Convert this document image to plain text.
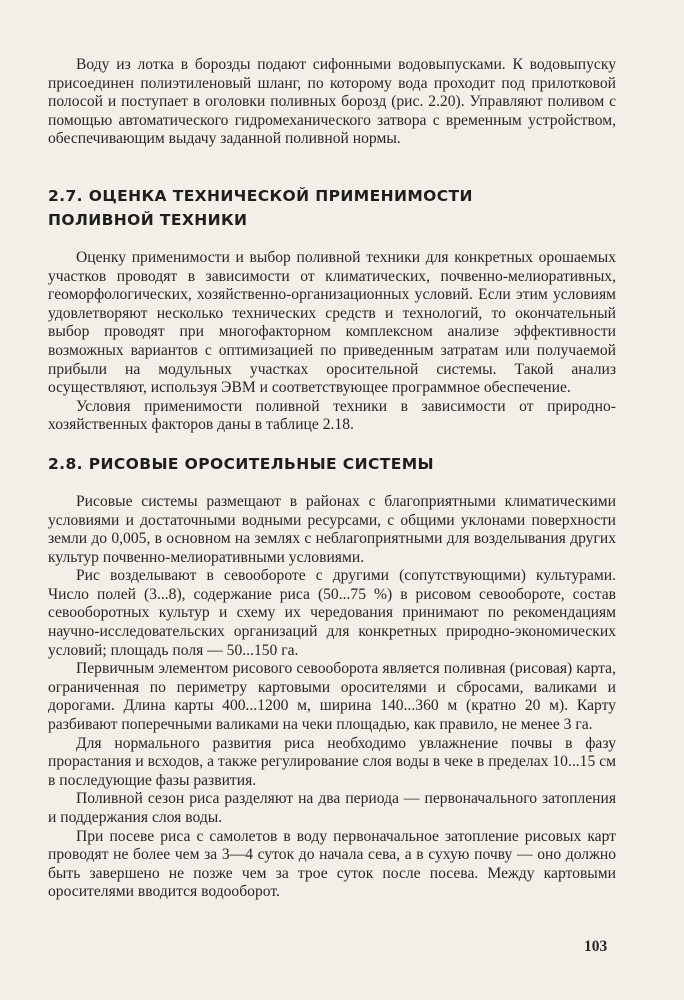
Воду из лотка в борозды подают сифонными водовыпусками. К водовыпуску присоединен полиэтиленовый шланг, по которому вода проходит под прилотковой полосой и поступает в оголовки поливных борозд (рис. 2.20). Управляют поливом с помощью автоматического гидромеханического затвора с временным устройством, обеспечивающим выдачу заданной поливной нормы.

2.7. ОЦЕНКА ТЕХНИЧЕСКОЙ ПРИМЕНИМОСТИ
ПОЛИВНОЙ ТЕХНИКИ

Оценку применимости и выбор поливной техники для конкретных орошаемых участков проводят в зависимости от климатических, почвенно-мелиоративных, геоморфологических, хозяйственно-организационных условий. Если этим условиям удовлетворяют несколько технических средств и технологий, то окончательный выбор проводят при многофакторном комплексном анализе эффективности возможных вариантов с оптимизацией по приведенным затратам или получаемой прибыли на модульных участках оросительной системы. Такой анализ осуществляют, используя ЭВМ и соответствующее программное обеспечение.

Условия применимости поливной техники в зависимости от природно-хозяйственных факторов даны в таблице 2.18.

2.8. РИСОВЫЕ ОРОСИТЕЛЬНЫЕ СИСТЕМЫ

Рисовые системы размещают в районах с благоприятными климатическими условиями и достаточными водными ресурсами, с общими уклонами поверхности земли до 0,005, в основном на землях с неблагоприятными для возделывания других культур почвенно-мелиоративными условиями.

Рис возделывают в севообороте с другими (сопутствующими) культурами. Число полей (3...8), содержание риса (50...75 %) в рисовом севообороте, состав севооборотных культур и схему их чередования принимают по рекомендациям научно-исследовательских организаций для конкретных природно-экономических условий; площадь поля — 50...150 га.

Первичным элементом рисового севооборота является поливная (рисовая) карта, ограниченная по периметру картовыми оросителями и сбросами, валиками и дорогами. Длина карты 400...1200 м, ширина 140...360 м (кратно 20 м). Карту разбивают поперечными валиками на чеки площадью, как правило, не менее 3 га.

Для нормального развития риса необходимо увлажнение почвы в фазу прорастания и всходов, а также регулирование слоя воды в чеке в пределах 10...15 см в последующие фазы развития.

Поливной сезон риса разделяют на два периода — первоначального затопления и поддержания слоя воды.

При посеве риса с самолетов в воду первоначальное затопление рисовых карт проводят не более чем за 3—4 суток до начала сева, а в сухую почву — оно должно быть завершено не позже чем за трое суток после посева. Между картовыми оросителями вводится водооборот.

103
